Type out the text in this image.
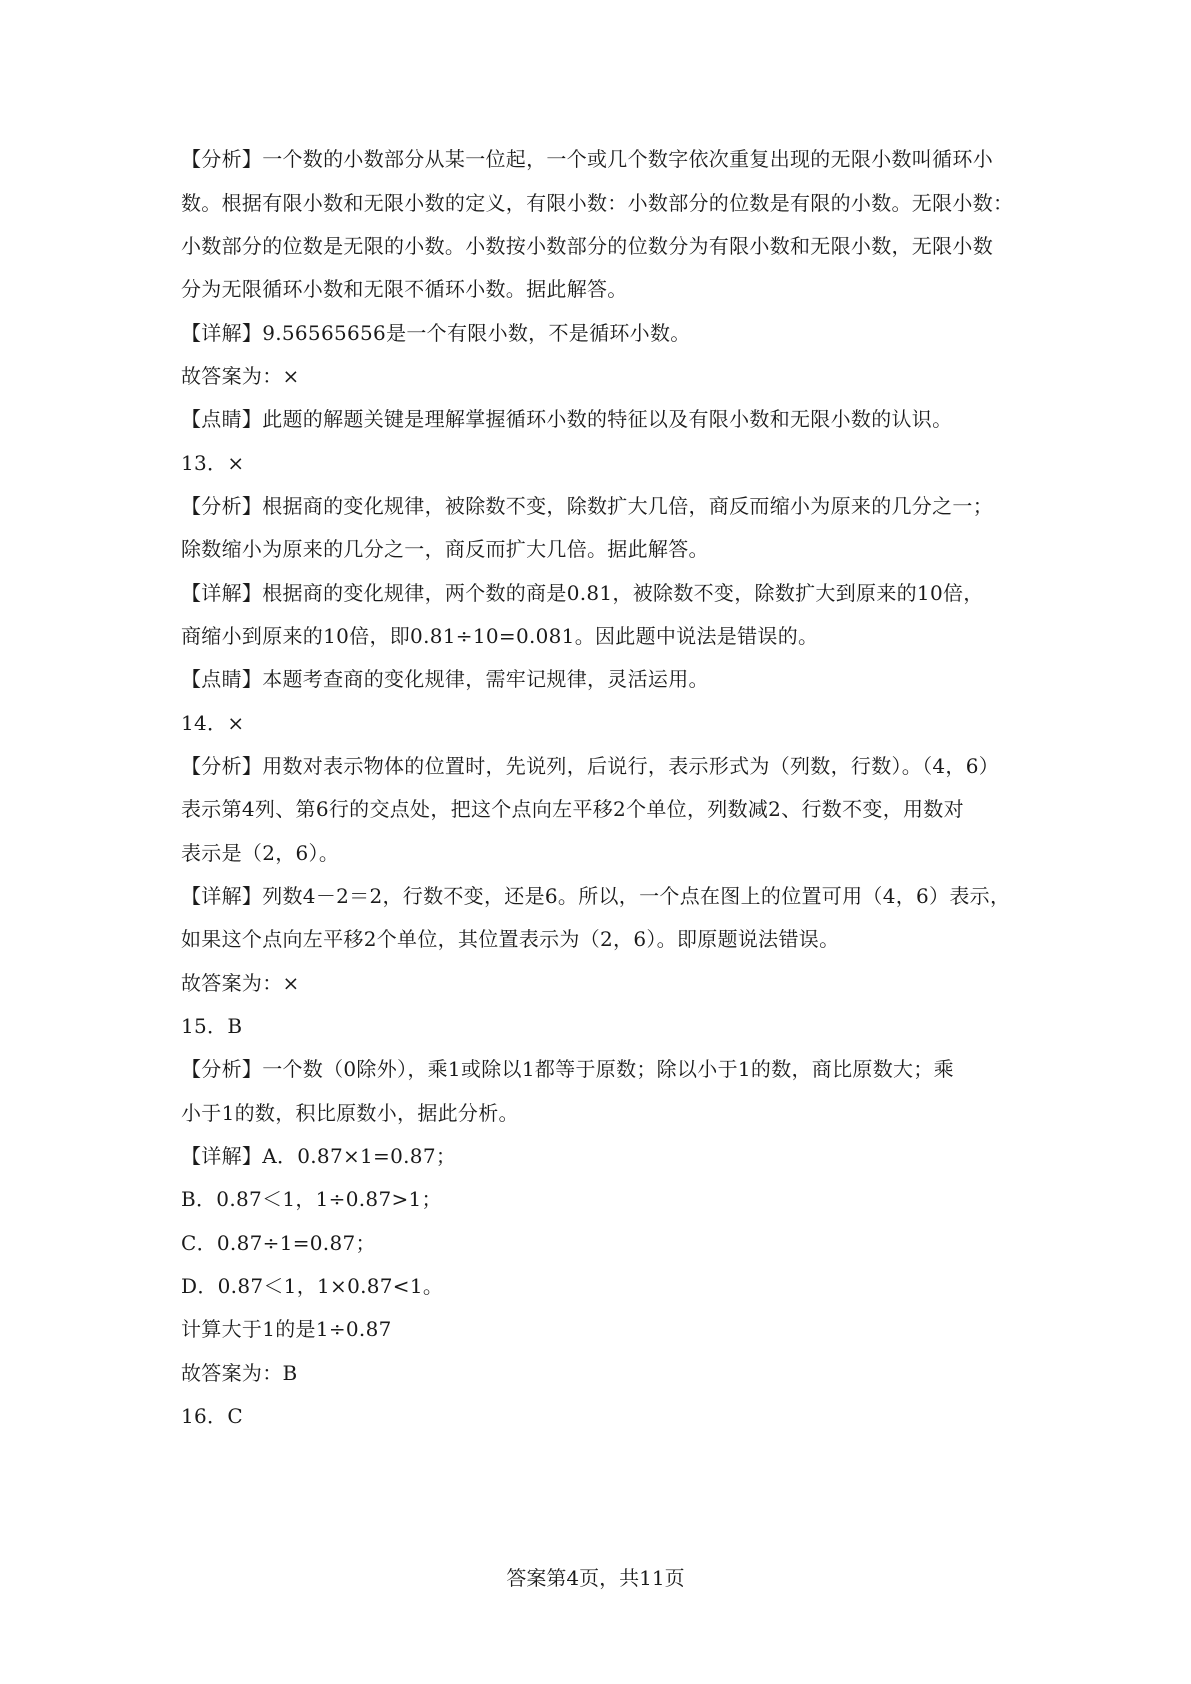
【分析】一个数的小数部分从某一位起，一个或几个数字依次重复出现的无限小数叫循环小
数。根据有限小数和无限小数的定义，有限小数：小数部分的位数是有限的小数。无限小数：
小数部分的位数是无限的小数。小数按小数部分的位数分为有限小数和无限小数，无限小数
分为无限循环小数和无限不循环小数。据此解答。
【详解】9.56565656是一个有限小数，不是循环小数。
故答案为：×
【点睛】此题的解题关键是理解掌握循环小数的特征以及有限小数和无限小数的认识。
13．×
【分析】根据商的变化规律，被除数不变，除数扩大几倍，商反而缩小为原来的几分之一；
除数缩小为原来的几分之一，商反而扩大几倍。据此解答。
【详解】根据商的变化规律，两个数的商是0.81，被除数不变，除数扩大到原来的10倍，
商缩小到原来的10倍，即0.81÷10=0.081。因此题中说法是错误的。
【点睛】本题考查商的变化规律，需牢记规律，灵活运用。
14．×
【分析】用数对表示物体的位置时，先说列，后说行，表示形式为（列数，行数）。（4，6）
表示第4列、第6行的交点处，把这个点向左平移2个单位，列数减2、行数不变，用数对
表示是（2，6）。
【详解】列数4－2＝2，行数不变，还是6。所以，一个点在图上的位置可用（4，6）表示，
如果这个点向左平移2个单位，其位置表示为（2，6）。即原题说法错误。
故答案为：×
15．B
【分析】一个数（0除外），乘1或除以1都等于原数；除以小于1的数，商比原数大；乘
小于1的数，积比原数小，据此分析。
【详解】A．0.87×1=0.87；
B．0.87＜1，1÷0.87>1；
C．0.87÷1=0.87；
D．0.87＜1，1×0.87<1。
计算大于1的是1÷0.87
故答案为：B
16．C
答案第4页，共11页
